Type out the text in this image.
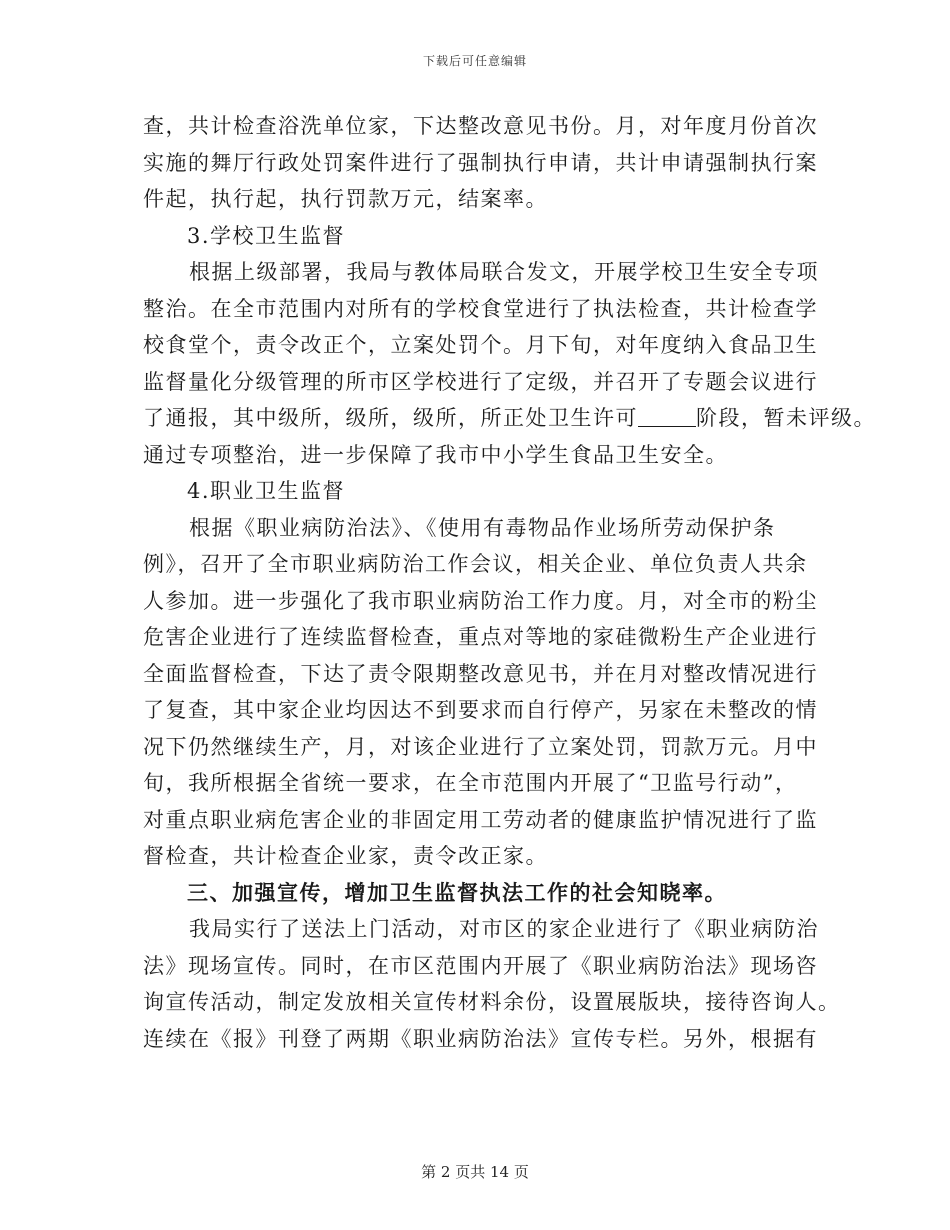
下载后可任意编辑
查，共计检查浴洗单位家，下达整改意见书份。月，对年度月份首次
实施的舞厅行政处罚案件进行了强制执行申请，共计申请强制执行案
件起，执行起，执行罚款万元，结案率。
3.学校卫生监督
根据上级部署，我局与教体局联合发文，开展学校卫生安全专项
整治。在全市范围内对所有的学校食堂进行了执法检查，共计检查学
校食堂个，责令改正个，立案处罚个。月下旬，对年度纳入食品卫生
监督量化分级管理的所市区学校进行了定级，并召开了专题会议进行
了通报，其中级所，级所，级所，所正处卫生许可	阶段，暂未评级。
通过专项整治，进一步保障了我市中小学生食品卫生安全。
4.职业卫生监督
根据《职业病防治法》、《使用有毒物品作业场所劳动保护条
例》，召开了全市职业病防治工作会议，相关企业、单位负责人共余
人参加。进一步强化了我市职业病防治工作力度。月，对全市的粉尘
危害企业进行了连续监督检查，重点对等地的家硅微粉生产企业进行
全面监督检查，下达了责令限期整改意见书，并在月对整改情况进行
了复查，其中家企业均因达不到要求而自行停产，另家在未整改的情
况下仍然继续生产，月，对该企业进行了立案处罚，罚款万元。月中
旬，我所根据全省统一要求，在全市范围内开展了“卫监号行动”，
对重点职业病危害企业的非固定用工劳动者的健康监护情况进行了监
督检查，共计检查企业家，责令改正家。
三、加强宣传，增加卫生监督执法工作的社会知晓率。
我局实行了送法上门活动，对市区的家企业进行了《职业病防治
法》现场宣传。同时，在市区范围内开展了《职业病防治法》现场咨
询宣传活动，制定发放相关宣传材料余份，设置展版块，接待咨询人。
连续在《报》刊登了两期《职业病防治法》宣传专栏。另外，根据有
第 2 页共 14 页
